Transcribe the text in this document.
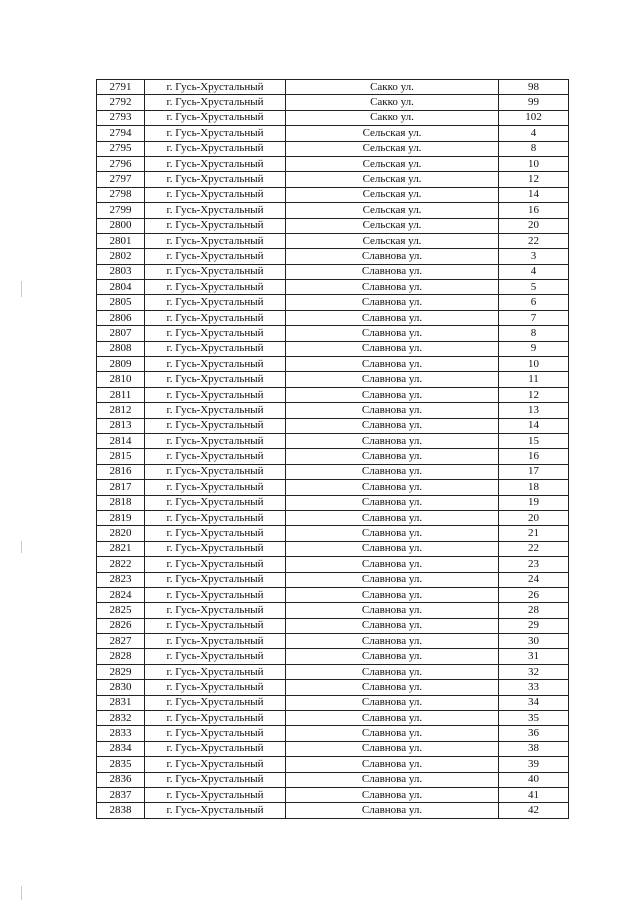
2791	г. Гусь-Хрустальный	Сакко ул.	98
2792	г. Гусь-Хрустальный	Сакко ул.	99
2793	г. Гусь-Хрустальный	Сакко ул.	102
2794	г. Гусь-Хрустальный	Сельская ул.	4
2795	г. Гусь-Хрустальный	Сельская ул.	8
2796	г. Гусь-Хрустальный	Сельская ул.	10
2797	г. Гусь-Хрустальный	Сельская ул.	12
2798	г. Гусь-Хрустальный	Сельская ул.	14
2799	г. Гусь-Хрустальный	Сельская ул.	16
2800	г. Гусь-Хрустальный	Сельская ул.	20
2801	г. Гусь-Хрустальный	Сельская ул.	22
2802	г. Гусь-Хрустальный	Славнова ул.	3
2803	г. Гусь-Хрустальный	Славнова ул.	4
2804	г. Гусь-Хрустальный	Славнова ул.	5
2805	г. Гусь-Хрустальный	Славнова ул.	6
2806	г. Гусь-Хрустальный	Славнова ул.	7
2807	г. Гусь-Хрустальный	Славнова ул.	8
2808	г. Гусь-Хрустальный	Славнова ул.	9
2809	г. Гусь-Хрустальный	Славнова ул.	10
2810	г. Гусь-Хрустальный	Славнова ул.	11
2811	г. Гусь-Хрустальный	Славнова ул.	12
2812	г. Гусь-Хрустальный	Славнова ул.	13
2813	г. Гусь-Хрустальный	Славнова ул.	14
2814	г. Гусь-Хрустальный	Славнова ул.	15
2815	г. Гусь-Хрустальный	Славнова ул.	16
2816	г. Гусь-Хрустальный	Славнова ул.	17
2817	г. Гусь-Хрустальный	Славнова ул.	18
2818	г. Гусь-Хрустальный	Славнова ул.	19
2819	г. Гусь-Хрустальный	Славнова ул.	20
2820	г. Гусь-Хрустальный	Славнова ул.	21
2821	г. Гусь-Хрустальный	Славнова ул.	22
2822	г. Гусь-Хрустальный	Славнова ул.	23
2823	г. Гусь-Хрустальный	Славнова ул.	24
2824	г. Гусь-Хрустальный	Славнова ул.	26
2825	г. Гусь-Хрустальный	Славнова ул.	28
2826	г. Гусь-Хрустальный	Славнова ул.	29
2827	г. Гусь-Хрустальный	Славнова ул.	30
2828	г. Гусь-Хрустальный	Славнова ул.	31
2829	г. Гусь-Хрустальный	Славнова ул.	32
2830	г. Гусь-Хрустальный	Славнова ул.	33
2831	г. Гусь-Хрустальный	Славнова ул.	34
2832	г. Гусь-Хрустальный	Славнова ул.	35
2833	г. Гусь-Хрустальный	Славнова ул.	36
2834	г. Гусь-Хрустальный	Славнова ул.	38
2835	г. Гусь-Хрустальный	Славнова ул.	39
2836	г. Гусь-Хрустальный	Славнова ул.	40
2837	г. Гусь-Хрустальный	Славнова ул.	41
2838	г. Гусь-Хрустальный	Славнова ул.	42
